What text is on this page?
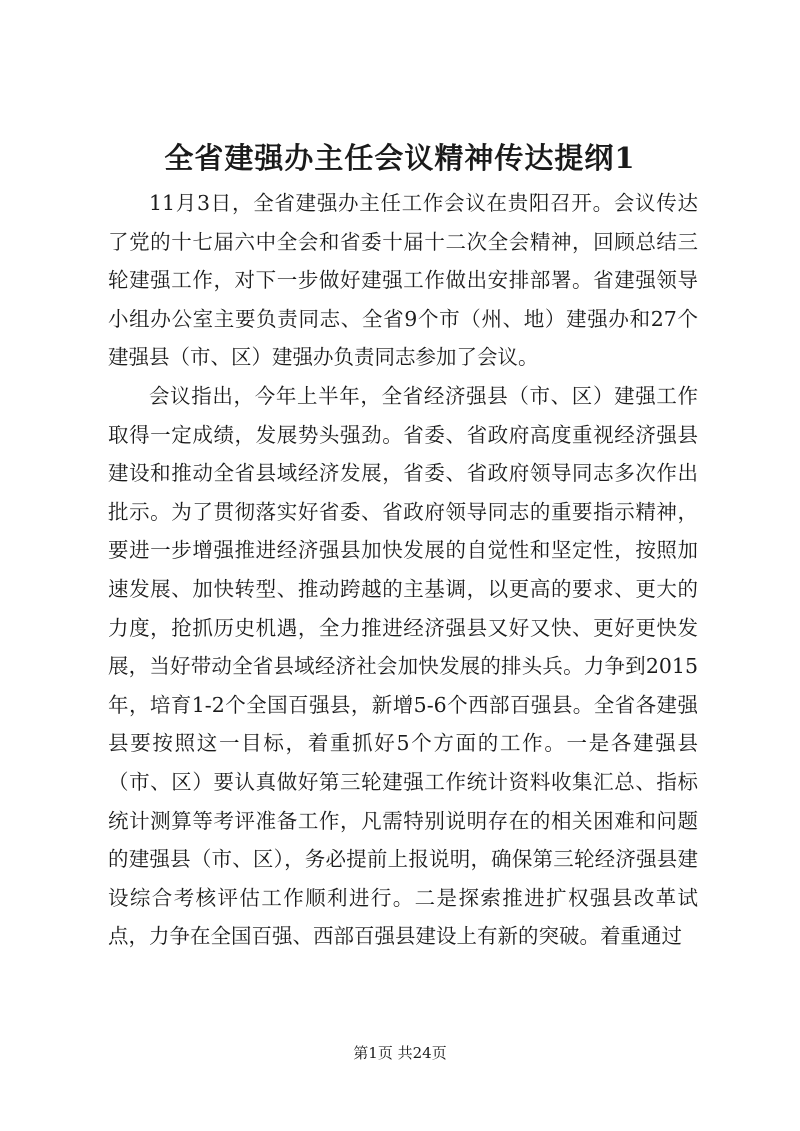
全省建强办主任会议精神传达提纲1

11月3日，全省建强办主任工作会议在贵阳召开。会议传达了党的十七届六中全会和省委十届十二次全会精神，回顾总结三轮建强工作，对下一步做好建强工作做出安排部署。省建强领导小组办公室主要负责同志、全省9个市（州、地）建强办和27个建强县（市、区）建强办负责同志参加了会议。

会议指出，今年上半年，全省经济强县（市、区）建强工作取得一定成绩，发展势头强劲。省委、省政府高度重视经济强县建设和推动全省县域经济发展，省委、省政府领导同志多次作出批示。为了贯彻落实好省委、省政府领导同志的重要指示精神，要进一步增强推进经济强县加快发展的自觉性和坚定性，按照加速发展、加快转型、推动跨越的主基调，以更高的要求、更大的力度，抢抓历史机遇，全力推进经济强县又好又快、更好更快发展，当好带动全省县域经济社会加快发展的排头兵。力争到2015年，培育1-2个全国百强县，新增5-6个西部百强县。全省各建强县要按照这一目标，着重抓好5个方面的工作。一是各建强县（市、区）要认真做好第三轮建强工作统计资料收集汇总、指标统计测算等考评准备工作，凡需特别说明存在的相关困难和问题的建强县（市、区），务必提前上报说明，确保第三轮经济强县建设综合考核评估工作顺利进行。二是探索推进扩权强县改革试点，力争在全国百强、西部百强县建设上有新的突破。着重通过

第1页 共24页
